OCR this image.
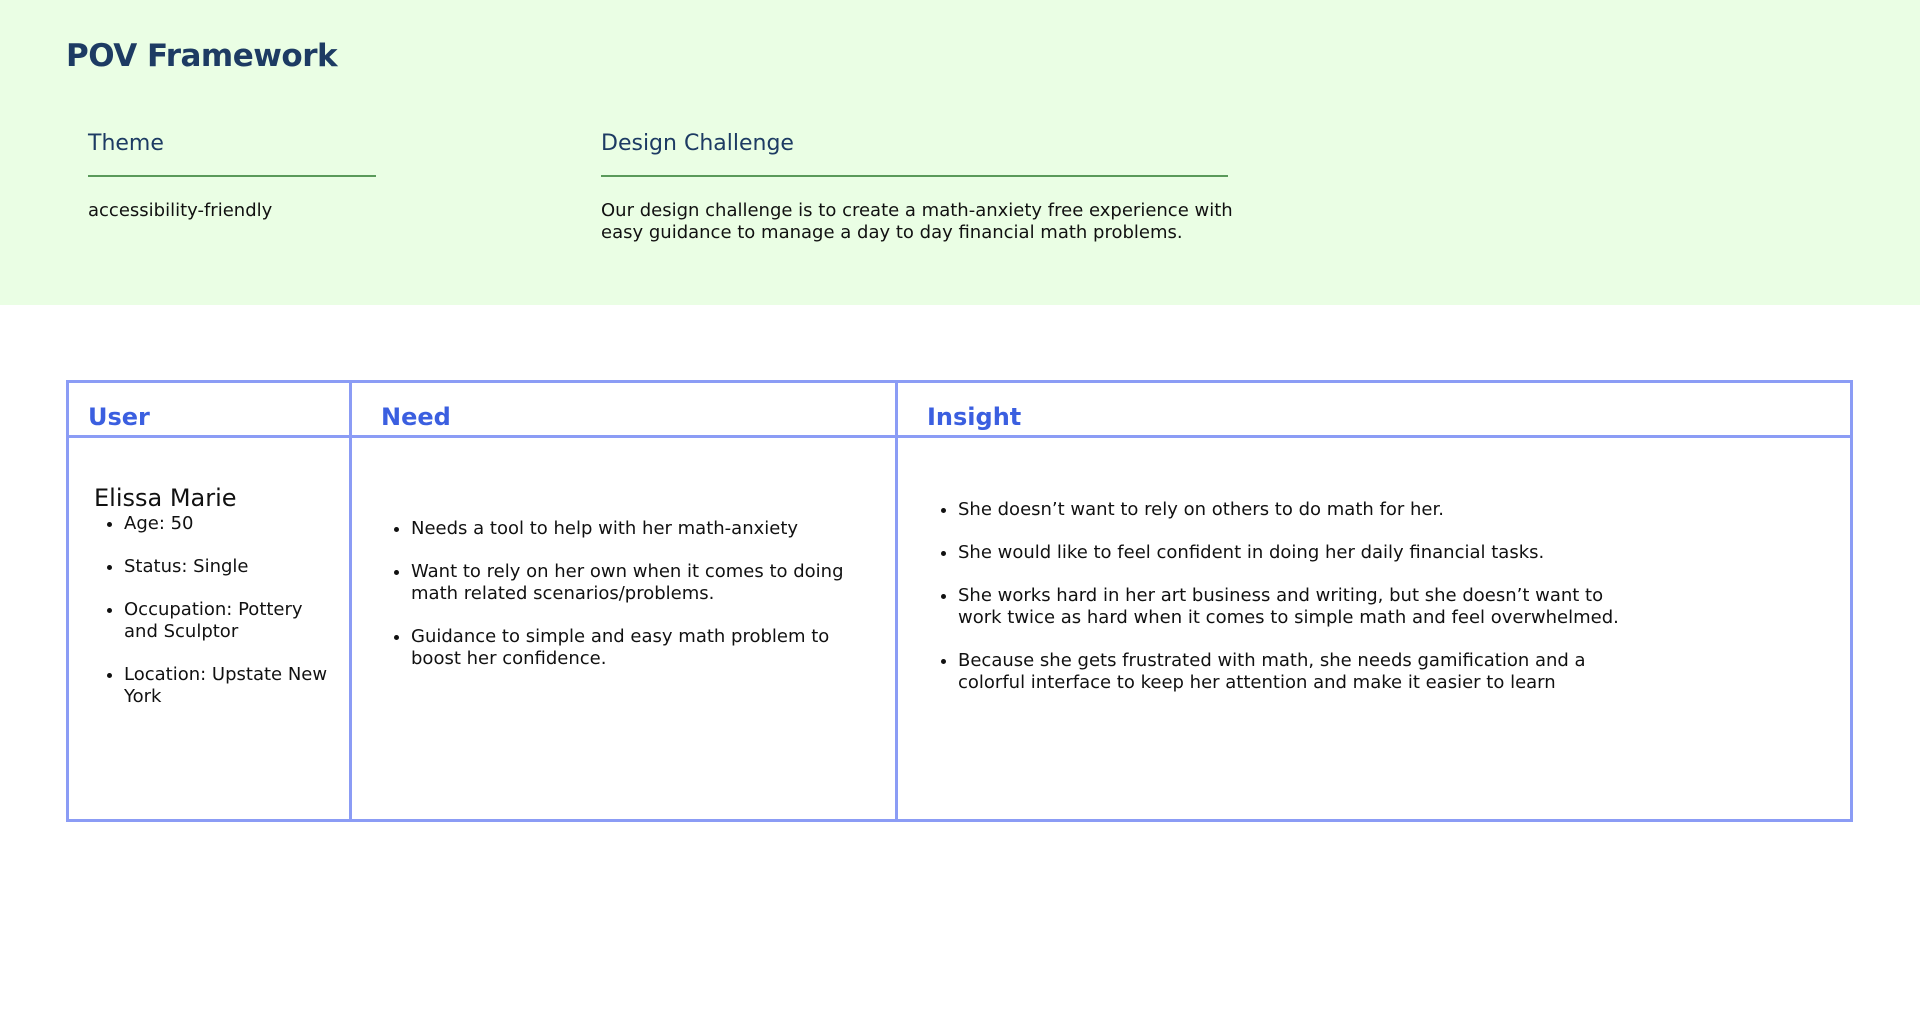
POV Framework
Theme

accessibility-friendly

Design Challenge

Our design challenge is to create a math-anxiety free experience with easy guidance to manage a day to day financial math problems.

User	Need	Insight

Elissa Marie

• Age: 50
• Status: Single
• Occupation: Pottery and Sculptor
• Location: Upstate New York
• Needs a tool to help with her math-anxiety
• Want to rely on her own when it comes to doing math related scenarios/problems.
• Guidance to simple and easy math problem to boost her confidence.
• She doesn’t want to rely on others to do math for her.
• She would like to feel confident in doing her daily financial tasks.
• She works hard in her art business and writing, but she doesn’t want to work twice as hard when it comes to simple math and feel overwhelmed.
• Because she gets frustrated with math, she needs gamification and a colorful interface to keep her attention and make it easier to learn
